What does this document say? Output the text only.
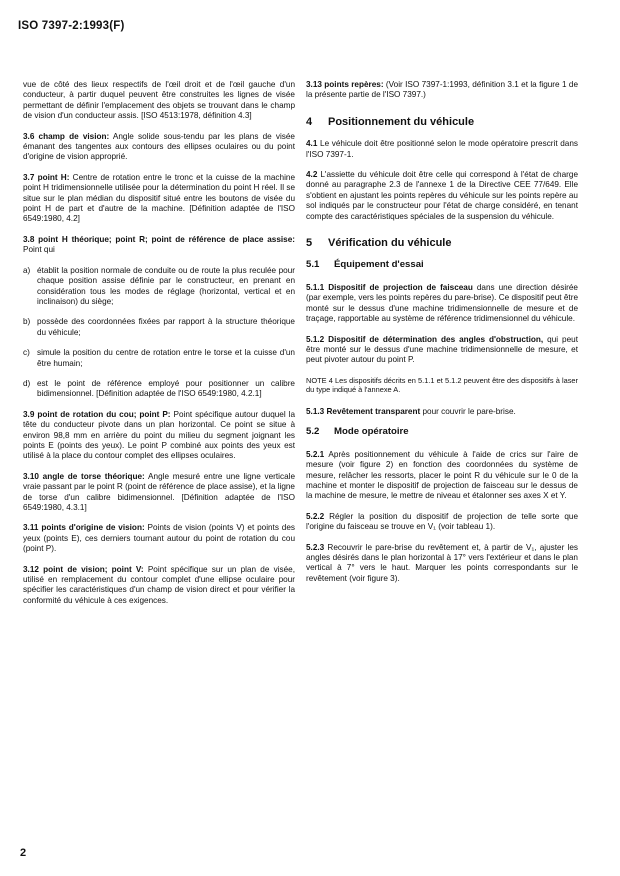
ISO 7397-2:1993(F)

vue de côté des lieux respectifs de l'œil droit et de l'œil gauche d'un conducteur, à partir duquel peuvent être construites les lignes de visée permettant de définir l'emplacement des objets se trouvant dans le champ de vision d'un conducteur assis. [ISO 4513:1978, définition 4.3]

3.6 champ de vision: Angle solide sous-tendu par les plans de visée émanant des tangentes aux contours des ellipses oculaires ou du point d'origine de vision approprié.

3.7 point H: Centre de rotation entre le tronc et la cuisse de la machine point H tridimensionnelle utilisée pour la détermination du point H réel. Il se situe sur le plan médian du dispositif situé entre les boutons de visée du point H de part et d'autre de la machine. [Définition adaptée de l'ISO 6549:1980, 4.2]

3.8 point H théorique; point R; point de référence de place assise: Point qui

a) établit la position normale de conduite ou de route la plus reculée pour chaque position assise définie par le constructeur, en prenant en considération tous les modes de réglage (horizontal, vertical et en inclinaison) du siège;
b) possède des coordonnées fixées par rapport à la structure théorique du véhicule;
c) simule la position du centre de rotation entre le torse et la cuisse d'un être humain;
d) est le point de référence employé pour positionner un calibre bidimensionnel. [Définition adaptée de l'ISO 6549:1980, 4.2.1]

3.9 point de rotation du cou; point P: Point spécifique autour duquel la tête du conducteur pivote dans un plan horizontal. Ce point se situe à environ 98,8 mm en arrière du point du milieu du segment joignant les points E (points des yeux). Le point P combiné aux points des yeux est utilisé à la place du contour complet des ellipses oculaires.

3.10 angle de torse théorique: Angle mesuré entre une ligne verticale vraie passant par le point R (point de référence de place assise), et la ligne de torse d'un calibre bidimensionnel. [Définition adaptée de l'ISO 6549:1980, 4.3.1]

3.11 points d'origine de vision: Points de vision (points V) et points des yeux (points E), ces derniers tournant autour du point de rotation du cou (point P).

3.12 point de vision; point V: Point spécifique sur un plan de visée, utilisé en remplacement du contour complet d'une ellipse oculaire pour spécifier les caractéristiques d'un champ de vision direct et pour vérifier la conformité du véhicule à ces exigences.

3.13 points repères: (Voir ISO 7397-1:1993, définition 3.1 et la figure 1 de la présente partie de l'ISO 7397.)

4 Positionnement du véhicule

4.1 Le véhicule doit être positionné selon le mode opératoire prescrit dans l'ISO 7397-1.

4.2 L'assiette du véhicule doit être celle qui correspond à l'état de charge donné au paragraphe 2.3 de l'annexe 1 de la Directive CEE 77/649. Elle s'obtient en ajustant les points repères du véhicule sur les points repère au sol indiqués par le constructeur pour l'état de charge considéré, en tenant compte des caractéristiques spéciales de la suspension du véhicule.

5 Vérification du véhicule
5.1 Équipement d'essai

5.1.1 Dispositif de projection de faisceau dans une direction désirée (par exemple, vers les points repères du pare-brise). Ce dispositif peut être monté sur le dessus d'une machine tridimensionnelle de mesure et de traçage, rapportable au système de référence tridimensionnel du véhicule.

5.1.2 Dispositif de détermination des angles d'obstruction, qui peut être monté sur le dessus d'une machine tridimensionnelle de mesure, et peut pivoter autour du point P.

NOTE 4 Les dispositifs décrits en 5.1.1 et 5.1.2 peuvent être des dispositifs à laser du type indiqué à l'annexe A.

5.1.3 Revêtement transparent pour couvrir le pare-brise.

5.2 Mode opératoire

5.2.1 Après positionnement du véhicule à l'aide de crics sur l'aire de mesure (voir figure 2) en fonction des coordonnées du système de mesure, relâcher les ressorts, placer le point R du véhicule sur le 0 de la machine et monter le dispositif de projection de faisceau sur le dessus de la machine de mesure, le mettre de niveau et étalonner ses axes X et Y.

5.2.2 Régler la position du dispositif de projection de telle sorte que l'origine du faisceau se trouve en V₁ (voir tableau 1).

5.2.3 Recouvrir le pare-brise du revêtement et, à partir de V₁, ajuster les angles désirés dans le plan horizontal à 17° vers l'extérieur et dans le plan vertical à 7° vers le haut. Marquer les points correspondants sur le revêtement (voir figure 3).

2
